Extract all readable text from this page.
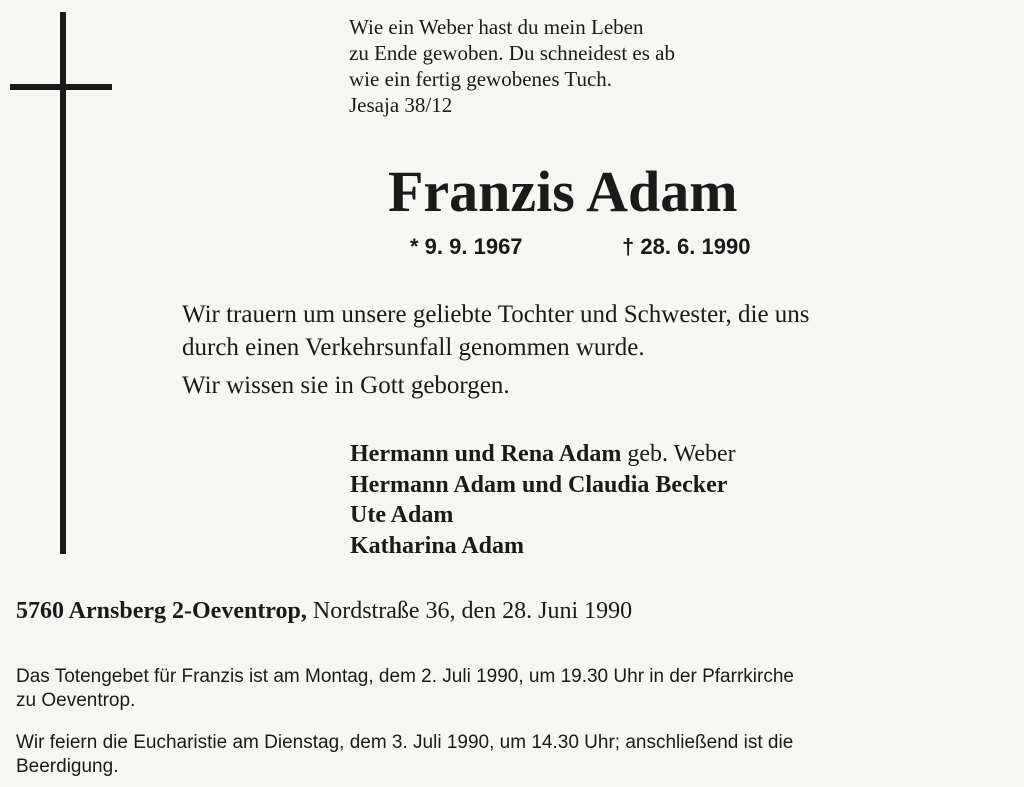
Wie ein Weber hast du mein Leben
zu Ende gewoben. Du schneidest es ab
wie ein fertig gewobenes Tuch.
Jesaja 38/12

Franzis Adam
* 9. 9. 1967	† 28. 6. 1990

Wir trauern um unsere geliebte Tochter und Schwester, die uns
durch einen Verkehrsunfall genommen wurde.

Wir wissen sie in Gott geborgen.

Hermann und Rena Adam geb. Weber
Hermann Adam und Claudia Becker
Ute Adam
Katharina Adam

5760 Arnsberg 2-Oeventrop, Nordstraße 36, den 28. Juni 1990

Das Totengebet für Franzis ist am Montag, dem 2. Juli 1990, um 19.30 Uhr in der Pfarrkirche
zu Oeventrop.

Wir feiern die Eucharistie am Dienstag, dem 3. Juli 1990, um 14.30 Uhr; anschließend ist die
Beerdigung.
